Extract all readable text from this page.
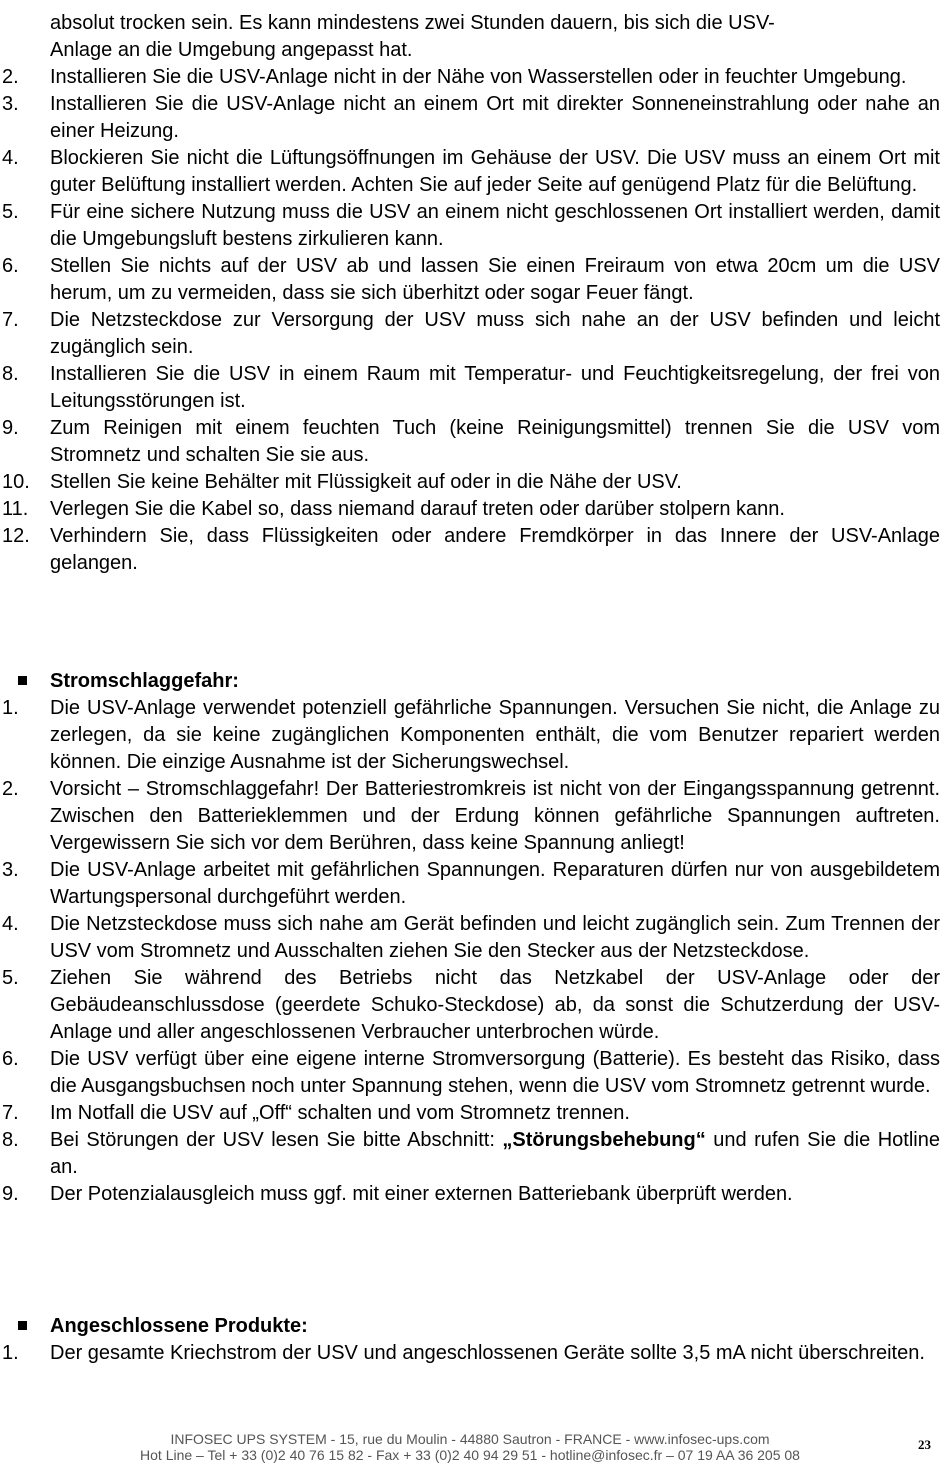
absolut trocken sein. Es kann mindestens zwei Stunden dauern, bis sich die USV-
Anlage an die Umgebung angepasst hat.
2.	Installieren Sie die USV-Anlage nicht in der Nähe von Wasserstellen oder in feuchter Umgebung.
3.	Installieren Sie die USV-Anlage nicht an einem Ort mit direkter Sonneneinstrahlung oder nahe an einer Heizung.
4.	Blockieren Sie nicht die Lüftungsöffnungen im Gehäuse der USV. Die USV muss an einem Ort mit guter Belüftung installiert werden. Achten Sie auf jeder Seite auf genügend Platz für die Belüftung.
5.	Für eine sichere Nutzung muss die USV an einem nicht geschlossenen Ort installiert werden, damit die Umgebungsluft bestens zirkulieren kann.
6.	Stellen Sie nichts auf der USV ab und lassen Sie einen Freiraum von etwa 20cm um die USV herum, um zu vermeiden, dass sie sich überhitzt oder sogar Feuer fängt.
7.	Die Netzsteckdose zur Versorgung der USV muss sich nahe an der USV befinden und leicht zugänglich sein.
8.	Installieren Sie die USV in einem Raum mit Temperatur- und Feuchtigkeitsregelung, der frei von Leitungsstörungen ist.
9.	Zum Reinigen mit einem feuchten Tuch (keine Reinigungsmittel) trennen Sie die USV vom Stromnetz und schalten Sie sie aus.
10.	Stellen Sie keine Behälter mit Flüssigkeit auf oder in die Nähe der USV.
11.	Verlegen Sie die Kabel so, dass niemand darauf treten oder darüber stolpern kann.
12.	Verhindern Sie, dass Flüssigkeiten oder andere Fremdkörper in das Innere der USV-Anlage gelangen.
Stromschlaggefahr:
1.	Die USV-Anlage verwendet potenziell gefährliche Spannungen. Versuchen Sie nicht, die Anlage zu zerlegen, da sie keine zugänglichen Komponenten enthält, die vom Benutzer repariert werden können. Die einzige Ausnahme ist der Sicherungswechsel.
2.	Vorsicht – Stromschlaggefahr! Der Batteriestromkreis ist nicht von der Eingangsspannung getrennt. Zwischen den Batterieklemmen und der Erdung können gefährliche Spannungen auftreten. Vergewissern Sie sich vor dem Berühren, dass keine Spannung anliegt!
3.	Die USV-Anlage arbeitet mit gefährlichen Spannungen. Reparaturen dürfen nur von ausgebildetem Wartungspersonal durchgeführt werden.
4.	Die Netzsteckdose muss sich nahe am Gerät befinden und leicht zugänglich sein. Zum Trennen der USV vom Stromnetz und Ausschalten ziehen Sie den Stecker aus der Netzsteckdose.
5.	Ziehen Sie während des Betriebs nicht das Netzkabel der USV-Anlage oder der Gebäudeanschlussdose (geerdete Schuko-Steckdose) ab, da sonst die Schutzerdung der USV-Anlage und aller angeschlossenen Verbraucher unterbrochen würde.
6.	Die USV verfügt über eine eigene interne Stromversorgung (Batterie). Es besteht das Risiko, dass die Ausgangsbuchsen noch unter Spannung stehen, wenn die USV vom Stromnetz getrennt wurde.
7.	Im Notfall die USV auf „Off“ schalten und vom Stromnetz trennen.
8.	Bei Störungen der USV lesen Sie bitte Abschnitt: „Störungsbehebung“ und rufen Sie die Hotline an.
9.	Der Potenzialausgleich muss ggf. mit einer externen Batteriebank überprüft werden.
Angeschlossene Produkte:
1.	Der gesamte Kriechstrom der USV und angeschlossenen Geräte sollte 3,5 mA nicht überschreiten.
INFOSEC UPS SYSTEM - 15, rue du Moulin - 44880 Sautron - FRANCE - www.infosec-ups.com
Hot Line – Tel + 33 (0)2 40 76 15 82 - Fax + 33 (0)2 40 94 29 51 - hotline@infosec.fr – 07 19 AA 36 205 08
23
